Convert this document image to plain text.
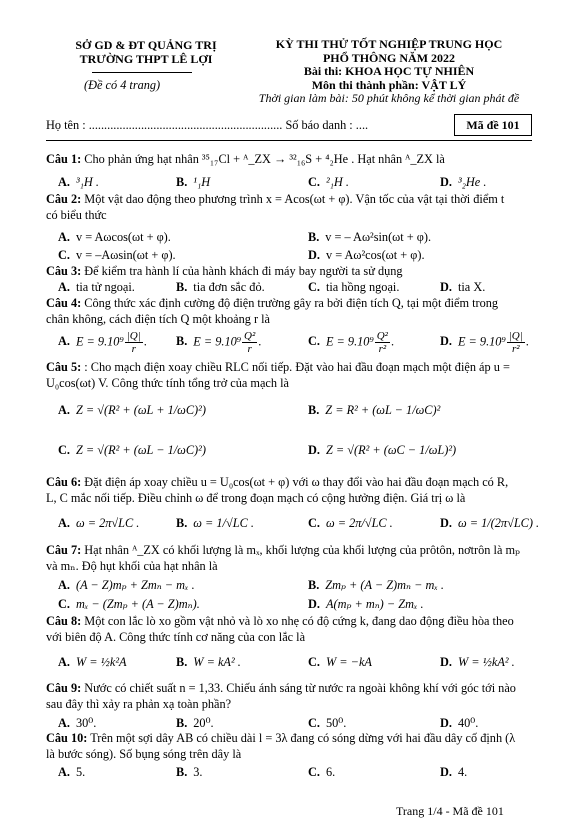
SỞ GD & ĐT QUẢNG TRỊ
TRƯỜNG THPT LÊ LỢI
(Đề có 4 trang)
KỲ THI THỬ TỐT NGHIỆP TRUNG HỌC
PHỔ THÔNG NĂM 2022
Bài thi: KHOA HỌC TỰ NHIÊN
Môn thi thành phần: VẬT LÝ
Thời gian làm bài: 50 phút không kể thời gian phát đề
Họ tên : ............................................................... Số báo danh : ....	Mã đề 101
Câu 1: Cho phản ứng hạt nhân ³⁵₁₇Cl + ᴬ_ZX → ³²₁₆S + ⁴₂He . Hạt nhân ᴬ_ZX là
A. ³₁H .	B. ¹₁H	C. ²₁H .	D. ³₂He .
Câu 2: Một vật dao động theo phương trình x = Acos(ωt + φ). Vận tốc của vật tại thời điểm t
có biểu thức
A. v = Aωcos(ωt + φ).	B. v = – Aω²sin(ωt + φ).
C. v = –Aωsin(ωt + φ).	D. v = Aω²cos(ωt + φ).
Câu 3: Để kiểm tra hành lí của hành khách đi máy bay người ta sử dụng
A. tia tử ngoại.	B. tia đơn sắc đỏ.	C. tia hồng ngoại.	D. tia X.
Câu 4: Công thức xác định cường độ điện trường gây ra bởi điện tích Q, tại một điểm trong
chân không, cách điện tích Q một khoảng r là
A. $E = 9.10^9 \frac{|Q|}{r}$ . B. $E = 9.10^9 \frac{\text{Q²}}{r}$ .	C. $E = 9.10^9 \frac{\text{Q²}}{\text{r²}}$ .	D. $E = 9.10^9 \frac{|Q|}{\text{r²}}$ .
Câu 5: : Cho mạch điện xoay chiều RLC nối tiếp. Đặt vào hai đầu đoạn mạch một điện áp u =
U₀cos(ωt) V. Công thức tính tổng trở của mạch là
A. Z = √(R² + (ωL + 1/ωC)²)	B. Z = R² + (ωL − 1/ωC)²
C. Z = √(R² + (ωL − 1/ωC)²)	D. Z = √(R² + (ωC − 1/ωL)²)
Câu 6: Đặt điện áp xoay chiều u = U₀cos(ωt + φ) với ω thay đổi vào hai đầu đoạn mạch có R,
L, C mắc nối tiếp. Điều chỉnh ω để trong đoạn mạch có cộng hưởng điện. Giá trị ω là
A. ω = 2π√LC .	B. ω = 1/√LC .	C. ω = 2π/√LC .	D. ω = 1/(2π√LC) .
Câu 7: Hạt nhân ᴬ_ZX có khối lượng là mₓ, khối lượng của khối lượng của prôtôn, nơtrôn là mₚ
và mₙ. Độ hụt khối của hạt nhân là
A. (A − Z)mₚ + Zmₙ − mₓ .	B. Zmₚ + (A − Z)mₙ − mₓ .
C. mₓ − (Zmₚ + (A − Z)mₙ).	D. A(mₚ + mₙ) − Zmₓ .
Câu 8: Một con lắc lò xo gồm vật nhỏ và lò xo nhẹ có độ cứng k, đang dao động điều hòa theo
với biên độ A. Công thức tính cơ năng của con lắc là
A. W = ½k²A	B. W = kA² .	C. W = −kA	D. W = ½kA² .
Câu 9: Nước có chiết suất n = 1,33. Chiếu ánh sáng từ nước ra ngoài không khí với góc tới nào
sau đây thì xảy ra phản xạ toàn phần?
A. 30⁰.	B. 20⁰.	C. 50⁰.	D. 40⁰.
Câu 10: Trên một sợi dây AB có chiều dài l = 3λ đang có sóng dừng với hai đầu dây cố định (λ
là bước sóng). Số bụng sóng trên dây là
A. 5.	B. 3.	C. 6.	D. 4.
Trang 1/4 - Mã đề 101
